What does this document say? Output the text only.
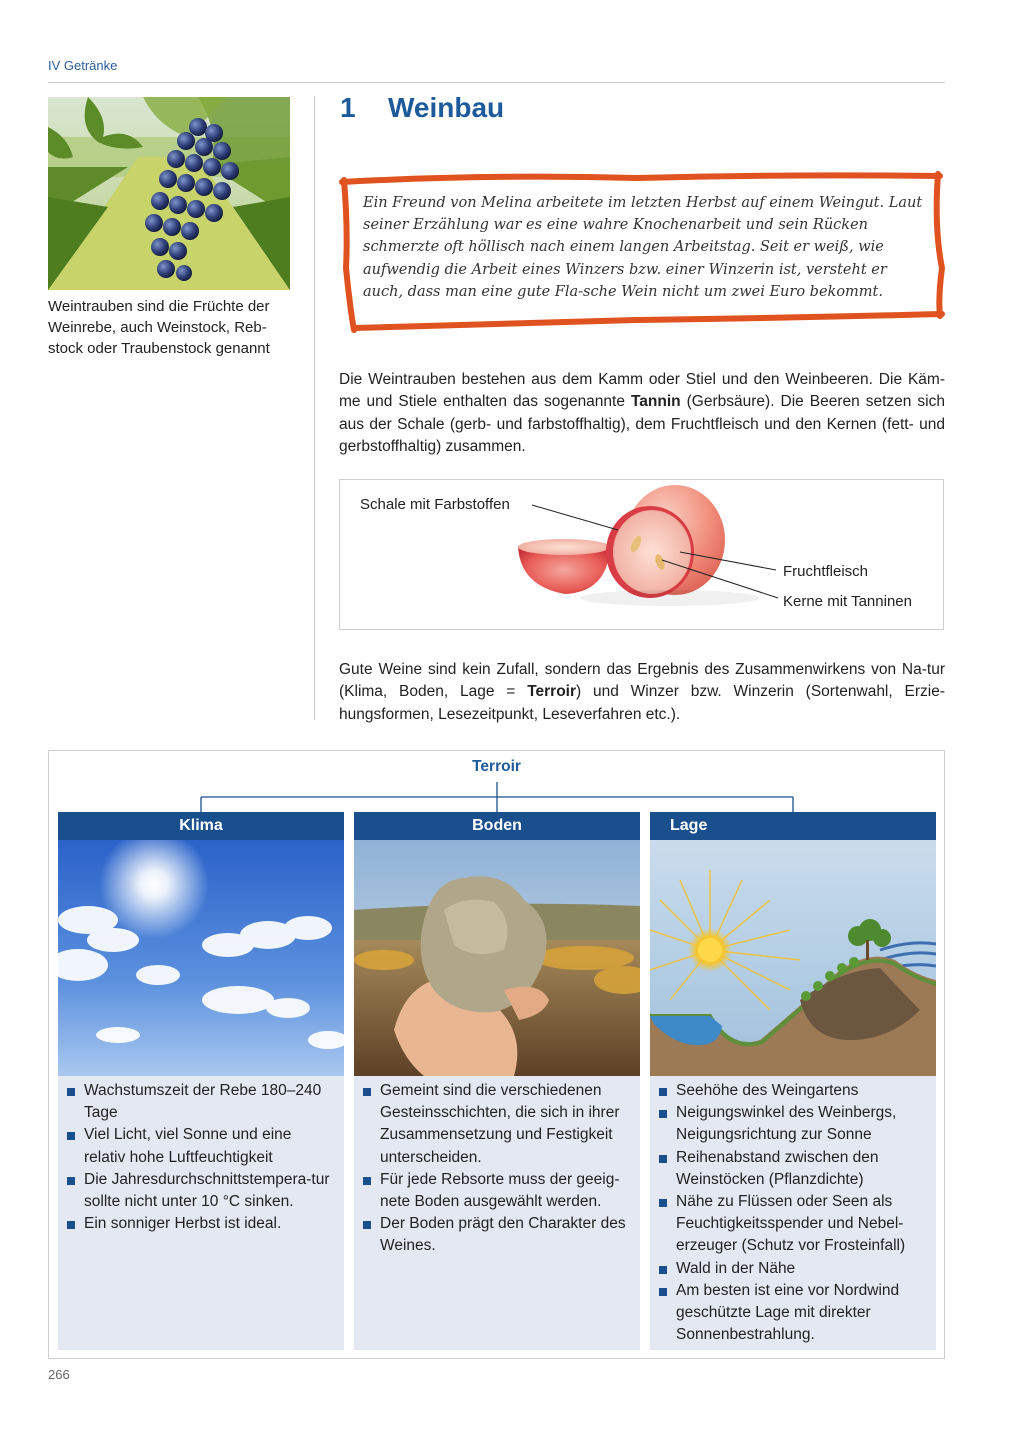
IV Getränke
Weintrauben sind die Früchte der Weinrebe, auch Weinstock, Reb-stock oder Traubenstock genannt
1 Weinbau
Ein Freund von Melina arbeitete im letzten Herbst auf einem Weingut. Laut seiner Erzählung war es eine wahre Knochenarbeit und sein Rücken schmerzte oft höllisch nach einem langen Arbeitstag. Seit er weiß, wie aufwendig die Arbeit eines Winzers bzw. einer Winzerin ist, versteht er auch, dass man eine gute Fla-sche Wein nicht um zwei Euro bekommt.
Die Weintrauben bestehen aus dem Kamm oder Stiel und den Weinbeeren. Die Käm-me und Stiele enthalten das sogenannte Tannin (Gerbsäure). Die Beeren setzen sich aus der Schale (gerb- und farbstoffhaltig), dem Fruchtfleisch und den Kernen (fett- und gerbstoffhaltig) zusammen.
Schale mit Farbstoffen
Fruchtfleisch
Kerne mit Tanninen
Gute Weine sind kein Zufall, sondern das Ergebnis des Zusammenwirkens von Na-tur (Klima, Boden, Lage = Terroir) und Winzer bzw. Winzerin (Sortenwahl, Erzie-hungsformen, Lesezeitpunkt, Leseverfahren etc.).
Terroir
Klima
Wachstumszeit der Rebe 180–240 Tage
Viel Licht, viel Sonne und eine relativ hohe Luftfeuchtigkeit
Die Jahresdurchschnittstempera-tur sollte nicht unter 10 °C sinken.
Ein sonniger Herbst ist ideal.
Boden
Gemeint sind die verschiedenen Gesteinsschichten, die sich in ihrer Zusammensetzung und Festigkeit unterscheiden.
Für jede Rebsorte muss der geeig-nete Boden ausgewählt werden.
Der Boden prägt den Charakter des Weines.
Lage
Seehöhe des Weingartens
Neigungswinkel des Weinbergs, Neigungsrichtung zur Sonne
Reihenabstand zwischen den Weinstöcken (Pflanzdichte)
Nähe zu Flüssen oder Seen als Feuchtigkeitsspender und Nebel-erzeuger (Schutz vor Frosteinfall)
Wald in der Nähe
Am besten ist eine vor Nordwind geschützte Lage mit direkter Sonnenbestrahlung.
266
